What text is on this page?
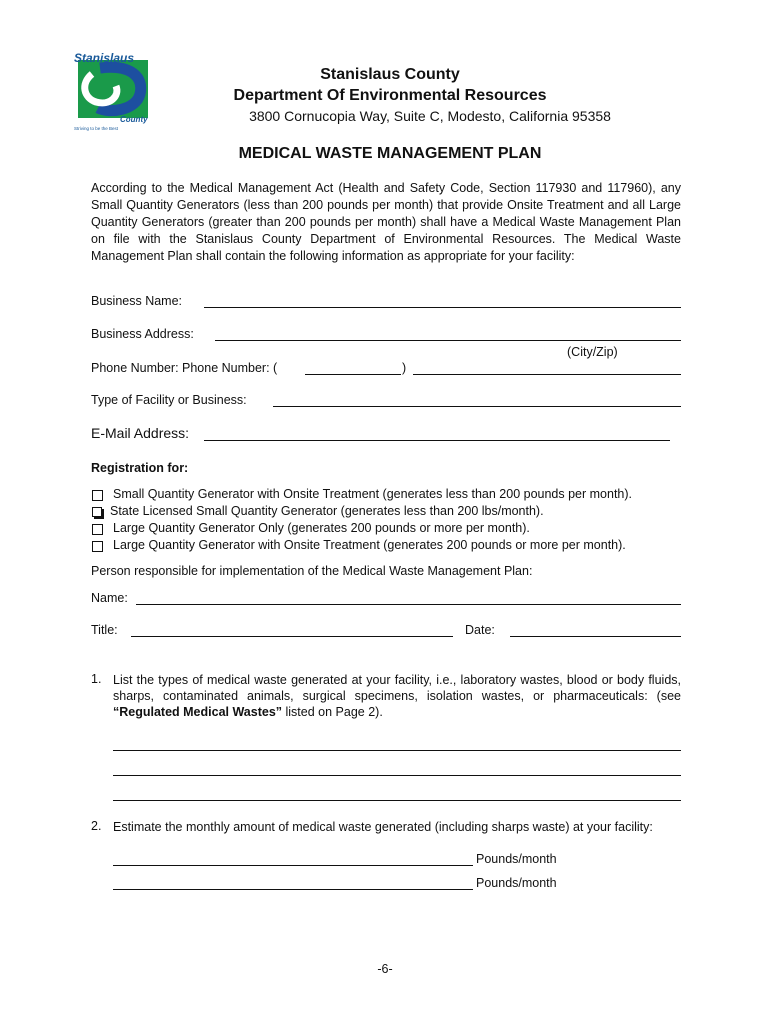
Stanislaus
County
Striving to be the Best
Stanislaus County
Department Of Environmental Resources
3800 Cornucopia Way, Suite C, Modesto, California 95358
MEDICAL WASTE MANAGEMENT PLAN
According to the Medical Management Act (Health and Safety Code, Section 117930 and 117960), any Small Quantity Generators (less than 200 pounds per month) that provide Onsite Treatment and all Large Quantity Generators (greater than 200 pounds per month) shall have a Medical Waste Management Plan on file with the Stanislaus County Department of Environmental Resources. The Medical Waste Management Plan shall contain the following information as appropriate for your facility:
Business Name:
Business Address:
(City/Zip)
Phone Number: Phone Number: (	)
Type of Facility or Business:
E-Mail Address:
Registration for:
Small Quantity Generator with Onsite Treatment (generates less than 200 pounds per month).
State Licensed Small Quantity Generator (generates less than 200 lbs/month).
Large Quantity Generator Only (generates 200 pounds or more per month).
Large Quantity Generator with Onsite Treatment (generates 200 pounds or more per month).
Person responsible for implementation of the Medical Waste Management Plan:
Name:
Title:	Date:
1. List the types of medical waste generated at your facility, i.e., laboratory wastes, blood or body fluids, sharps, contaminated animals, surgical specimens, isolation wastes, or pharmaceuticals: (see “Regulated Medical Wastes” listed on Page 2).
2. Estimate the monthly amount of medical waste generated (including sharps waste) at your facility:
Pounds/month
Pounds/month
-6-
